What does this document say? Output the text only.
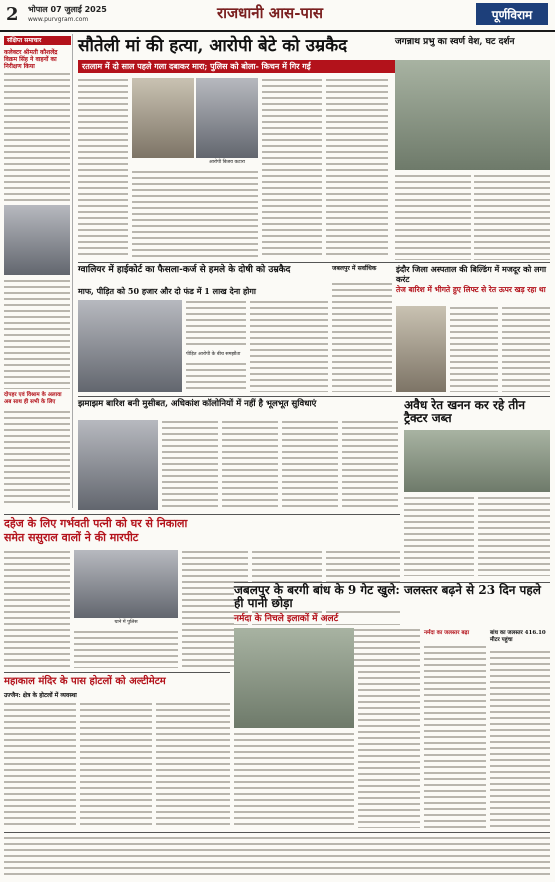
2	भोपाल 07 जुलाई 2025
www.purvgram.com	राजधानी आस-पास	पूर्णविराम
संक्षिप्त समाचार
कलेक्टर श्रीमती कौशलेंद्र विक्रम सिंह ने वाहनों का निरीक्षण किया
दोपहर एवं विश्राम के अलावा अब साथ ही सभी के लिए
सौतेली मां की हत्या, आरोपी बेटे को उम्रकैद
रतलाम में दो साल पहले गला दबाकर मारा; पुलिस को बोला- किचन में गिर गई
आरोपी बिजय कटारा
जगन्नाथ प्रभु का स्वर्ण वेश, घट दर्शन
ग्वालियर में हाईकोर्ट का फैसला-कर्ज से हमले के दोषी को उम्रकैद
माफ, पीड़ित को 50 हजार और दो फंड में 1 लाख देना होगा
पीड़ित आरोपी के बीच समझौता
जबलपुर में सर्वाधिक	इंदौर जिला अस्पताल की बिल्डिंग में मजदूर को लगा करंट
तेज बारिश में भीगते हुए लिफ्ट से रेत ऊपर खड़ रहा था
झमाझम बारिश बनी मुसीबत, अधिकांश कॉलोनियों में नहीं है भूलभूत सुविधाएं	अवैध रेत खनन कर रहे तीन ट्रैक्टर जब्त
दहेज के लिए गर्भवती पत्नी को घर से निकाला
समेत ससुराल वालों ने की मारपीट
थाने में पुलिस
जबलपुर के बरगी बांध के 9 गेट खुले: जलस्तर बढ़ने से 23 दिन पहले ही पानी छोड़ा
नर्मदा के निचले इलाकों में अलर्ट
नर्मदा का जलस्तर बढ़ा	बांध का जलस्तर 416.10 मीटर पहुंचा
महाकाल मंदिर के पास होटलों को अल्टीमेटम
उज्जैन: क्षेत्र के होटलों में व्यवस्था
